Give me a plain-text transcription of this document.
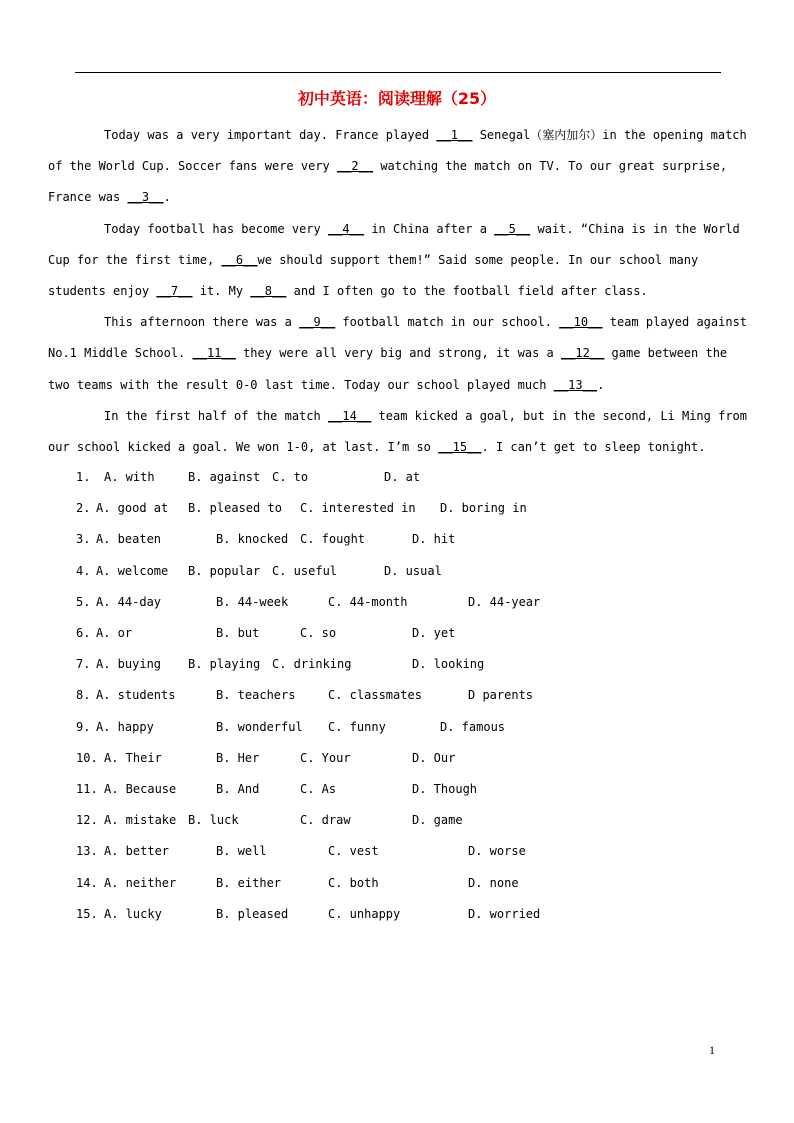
初中英语：阅读理解（25）

Today was a very important day. France played __1__ Senegal（塞内加尔）in the opening match
of the World Cup. Soccer fans were very __2__ watching the match on TV. To our great surprise,
France was __3__.

Today football has become very __4__ in China after a __5__ wait. “China is in the World
Cup for the first time, __6__we should support them!” Said some people. In our school many
students enjoy __7__ it. My __8__ and I often go to the football field after class.

This afternoon there was a __9__ football match in our school. __10__ team played against
No.1 Middle School. __11__ they were all very big and strong, it was a __12__ game between the
two teams with the result 0-0 last time. Today our school played much __13__.

In the first half of the match __14__ team kicked a goal, but in the second, Li Ming from
our school kicked a goal. We won 1-0, at last. I’m so __15__. I can’t get to sleep tonight.

1. A. with	B. against C. to	D. at
2. A. good at B. pleased to C. interested in D. boring in
3. A. beaten	B. knocked C. fought	D. hit
4. A. welcome B. popular C. useful	D. usual
5. A. 44-day	B. 44-week	C. 44-month	D. 44-year
6. A. or	B. but	C. so	D. yet
7. A. buying B. playing C. drinking	D. looking
8. A. students	B. teachers	C. classmates	D parents
9. A. happy	B. wonderful C. funny	D. famous
10. A. Their	B. Her	C. Your	D. Our
11. A. Because	B. And	C. As	D. Though
12. A. mistake B. luck	C. draw	D. game
13. A. better	B. well	C. vest	D. worse
14. A. neither	B. either	C. both	D. none
15. A. lucky	B. pleased	C. unhappy	D. worried
1
